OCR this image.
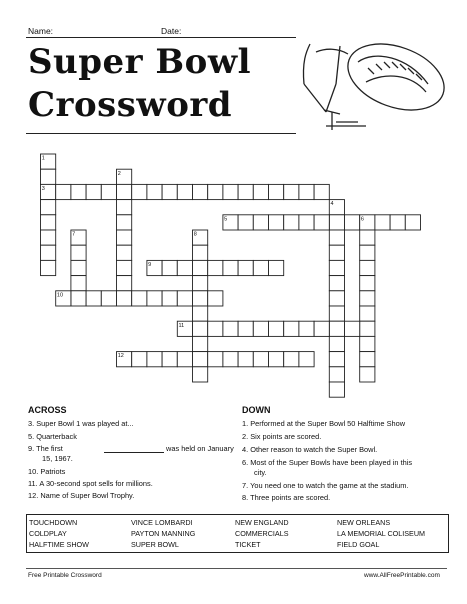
Name:	Date:
Super Bowl
Crossword
1
2
3
4
5	6
7	8
9
10
11
12
ACROSS
3. Super Bowl 1 was played at...
5. Quarterback
9. The first	was held on January
15, 1967.
10. Patriots
11. A 30-second spot sells for millions.
12. Name of Super Bowl Trophy.
DOWN
1. Performed at the Super Bowl 50 Halftime Show
2. Six points are scored.
4. Other reason to watch the Super Bowl.
6. Most of the Super Bowls have been played in this
city.
7. You need one to watch the game at the stadium.
8. Three points are scored.
TOUCHDOWN	VINCE LOMBARDI	NEW ENGLAND	NEW ORLEANS
COLDPLAY	PAYTON MANNING	COMMERCIALS	LA MEMORIAL COLISEUM
HALFTIME SHOW	SUPER BOWL	TICKET	FIELD GOAL
Free Printable Crossword	www.AllFreePrintable.com
